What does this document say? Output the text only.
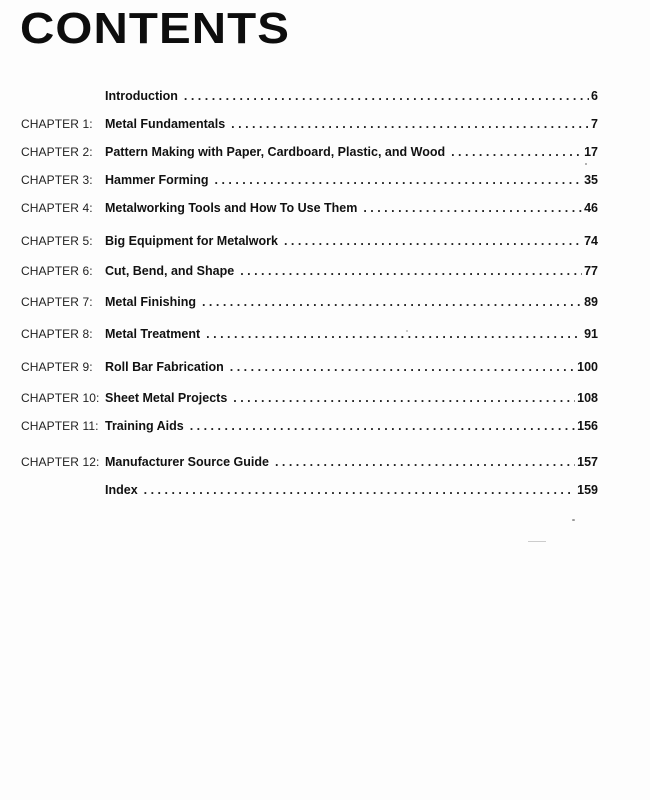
CONTENTS
Introduction . . .	6
CHAPTER 1: Metal Fundamentals . . .	7
CHAPTER 2: Pattern Making with Paper, Cardboard, Plastic, and Wood . . .	17
CHAPTER 3: Hammer Forming . . .	35
CHAPTER 4: Metalworking Tools and How To Use Them . . .	46
CHAPTER 5: Big Equipment for Metalwork . . .	74
CHAPTER 6: Cut, Bend, and Shape . . .	77
CHAPTER 7: Metal Finishing . . .	89
CHAPTER 8: Metal Treatment . . .	91
CHAPTER 9: Roll Bar Fabrication . . .	100
CHAPTER 10: Sheet Metal Projects . . .	108
CHAPTER 11: Training Aids . . .	156
CHAPTER 12: Manufacturer Source Guide . . .	157
Index . . .	159
